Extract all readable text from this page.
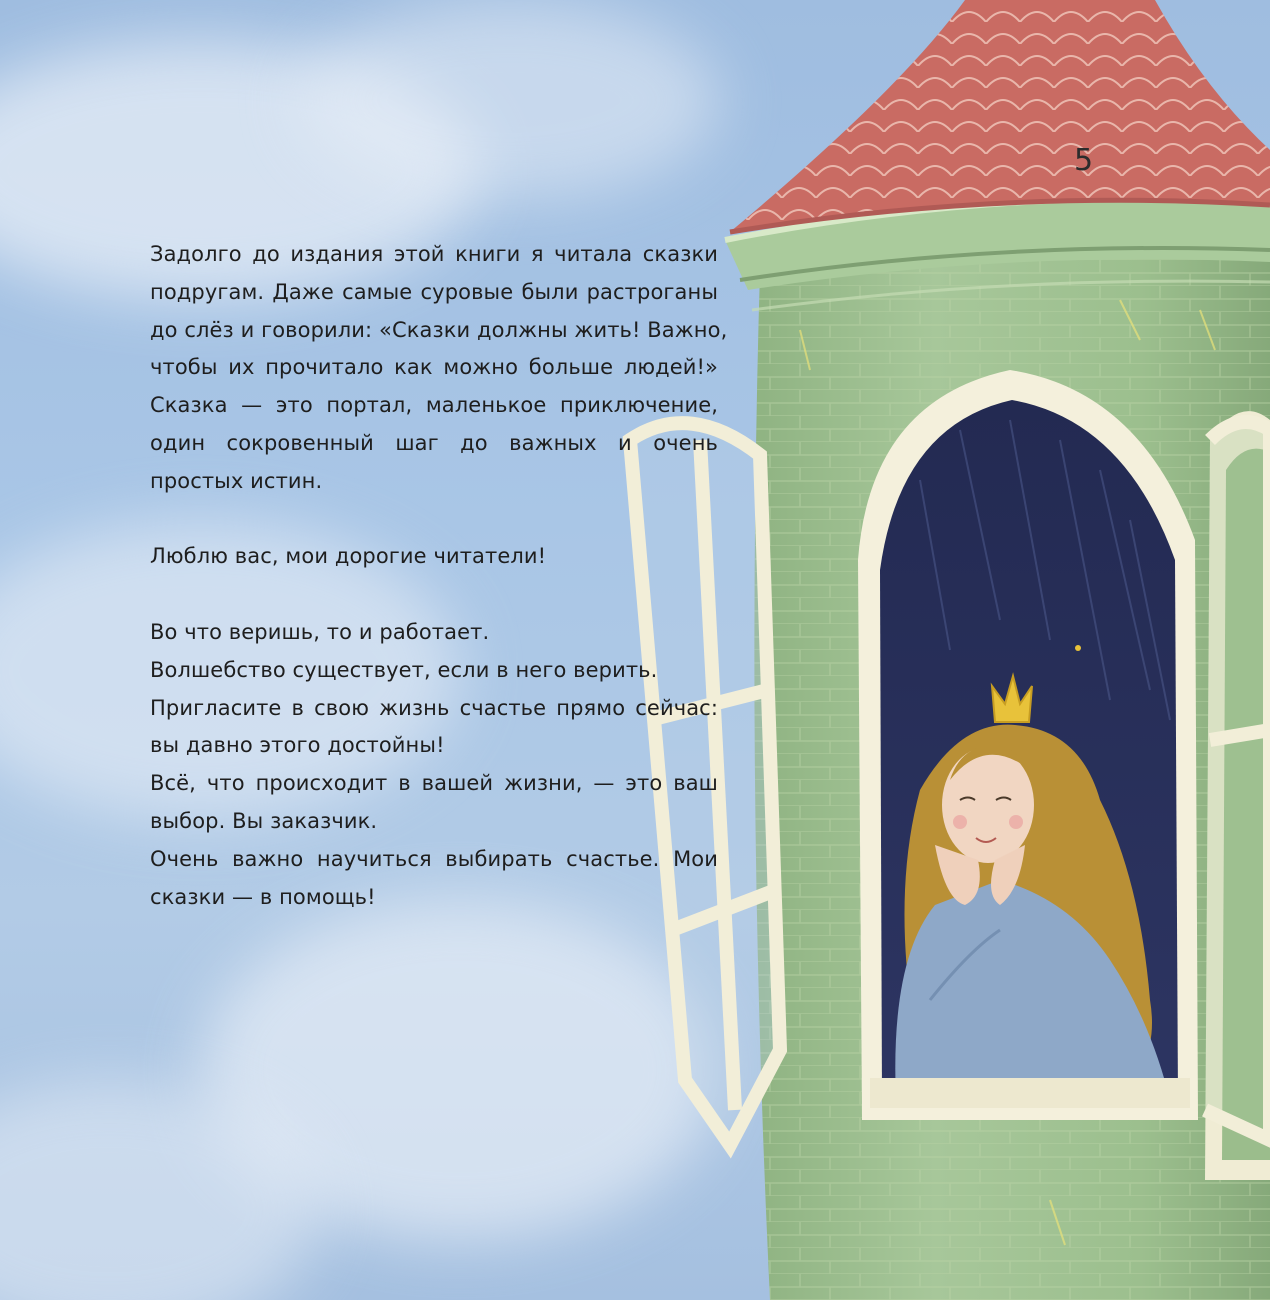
5
Задолго до издания этой книги я читала сказки
подругам. Даже самые суровые были растроганы
до слёз и говорили: «Сказки должны жить! Важно,
чтобы их прочитало как можно больше людей!»
Сказка — это портал, маленькое приключение,
один сокровенный шаг до важных и очень
простых истин.
Люблю вас, мои дорогие читатели!
Во что веришь, то и работает.
Волшебство существует, если в него верить.
Пригласите в свою жизнь счастье прямо сейчас:
вы давно этого достойны!
Всё, что происходит в вашей жизни, — это ваш
выбор. Вы заказчик.
Очень важно научиться выбирать счастье. Мои
сказки — в помощь!
